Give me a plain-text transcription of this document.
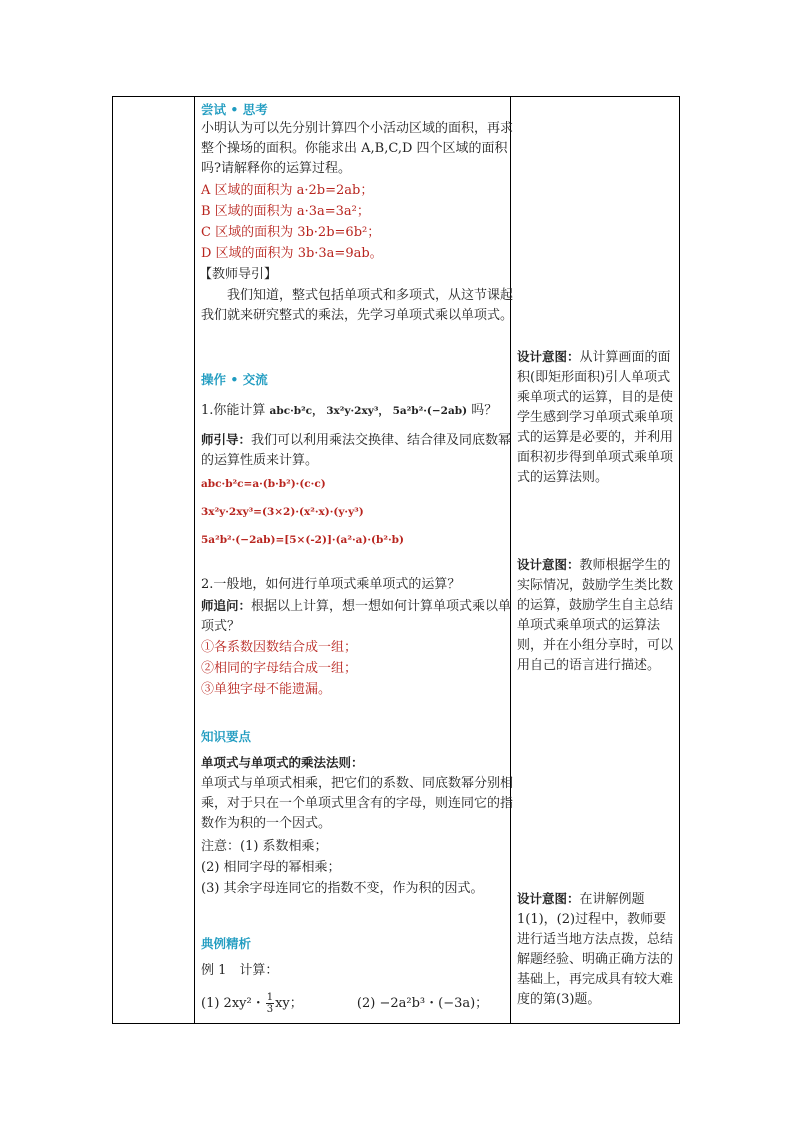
尝试 • 思考
小明认为可以先分别计算四个小活动区域的面积，再求整个操场的面积。你能求出 A,B,C,D 四个区域的面积吗?请解释你的运算过程。
A 区域的面积为 a·2b=2ab；
B 区域的面积为 a·3a=3a²；
C 区域的面积为 3b·2b=6b²；
D 区域的面积为 3b·3a=9ab。
【教师导引】
我们知道，整式包括单项式和多项式，从这节课起我们就来研究整式的乘法，先学习单项式乘以单项式。
操作 • 交流
1.你能计算 abc·b²c， 3x²y·2xy³， 5a²b²·(−2ab) 吗？
师引导：我们可以利用乘法交换律、结合律及同底数幂的运算性质来计算。
abc·b²c=a·(b·b²)·(c·c)
3x²y·2xy³=(3×2)·(x²·x)·(y·y³)
5a²b²·(−2ab)=[5×(-2)]·(a²·a)·(b²·b)
2.一般地，如何进行单项式乘单项式的运算？
师追问：根据以上计算，想一想如何计算单项式乘以单项式？
①各系数因数结合成一组；
②相同的字母结合成一组；
③单独字母不能遗漏。
知识要点
单项式与单项式的乘法法则：
单项式与单项式相乘，把它们的系数、同底数幂分别相乘，对于只在一个单项式里含有的字母，则连同它的指数作为积的一个因式。
注意：(1) 系数相乘；
(2) 相同字母的幂相乘；
(3) 其余字母连同它的指数不变，作为积的因式。
典例精析
例 1　计算：
(1) 2xy²・ $\frac{1}{3}$ xy；	(2) −2a²b³・(−3a)；
设计意图：从计算画面的面积(即矩形面积)引人单项式乘单项式的运算，目的是使学生感到学习单项式乘单项式的运算是必要的，并利用面积初步得到单项式乘单项式的运算法则。
设计意图：教师根据学生的实际情况，鼓励学生类比数的运算，鼓励学生自主总结单项式乘单项式的运算法则，并在小组分享时，可以用自己的语言进行描述。
设计意图：在讲解例题1(1)，(2)过程中，教师要进行适当地方法点拨，总结解题经验、明确正确方法的基础上，再完成具有较大难度的第(3)题。
